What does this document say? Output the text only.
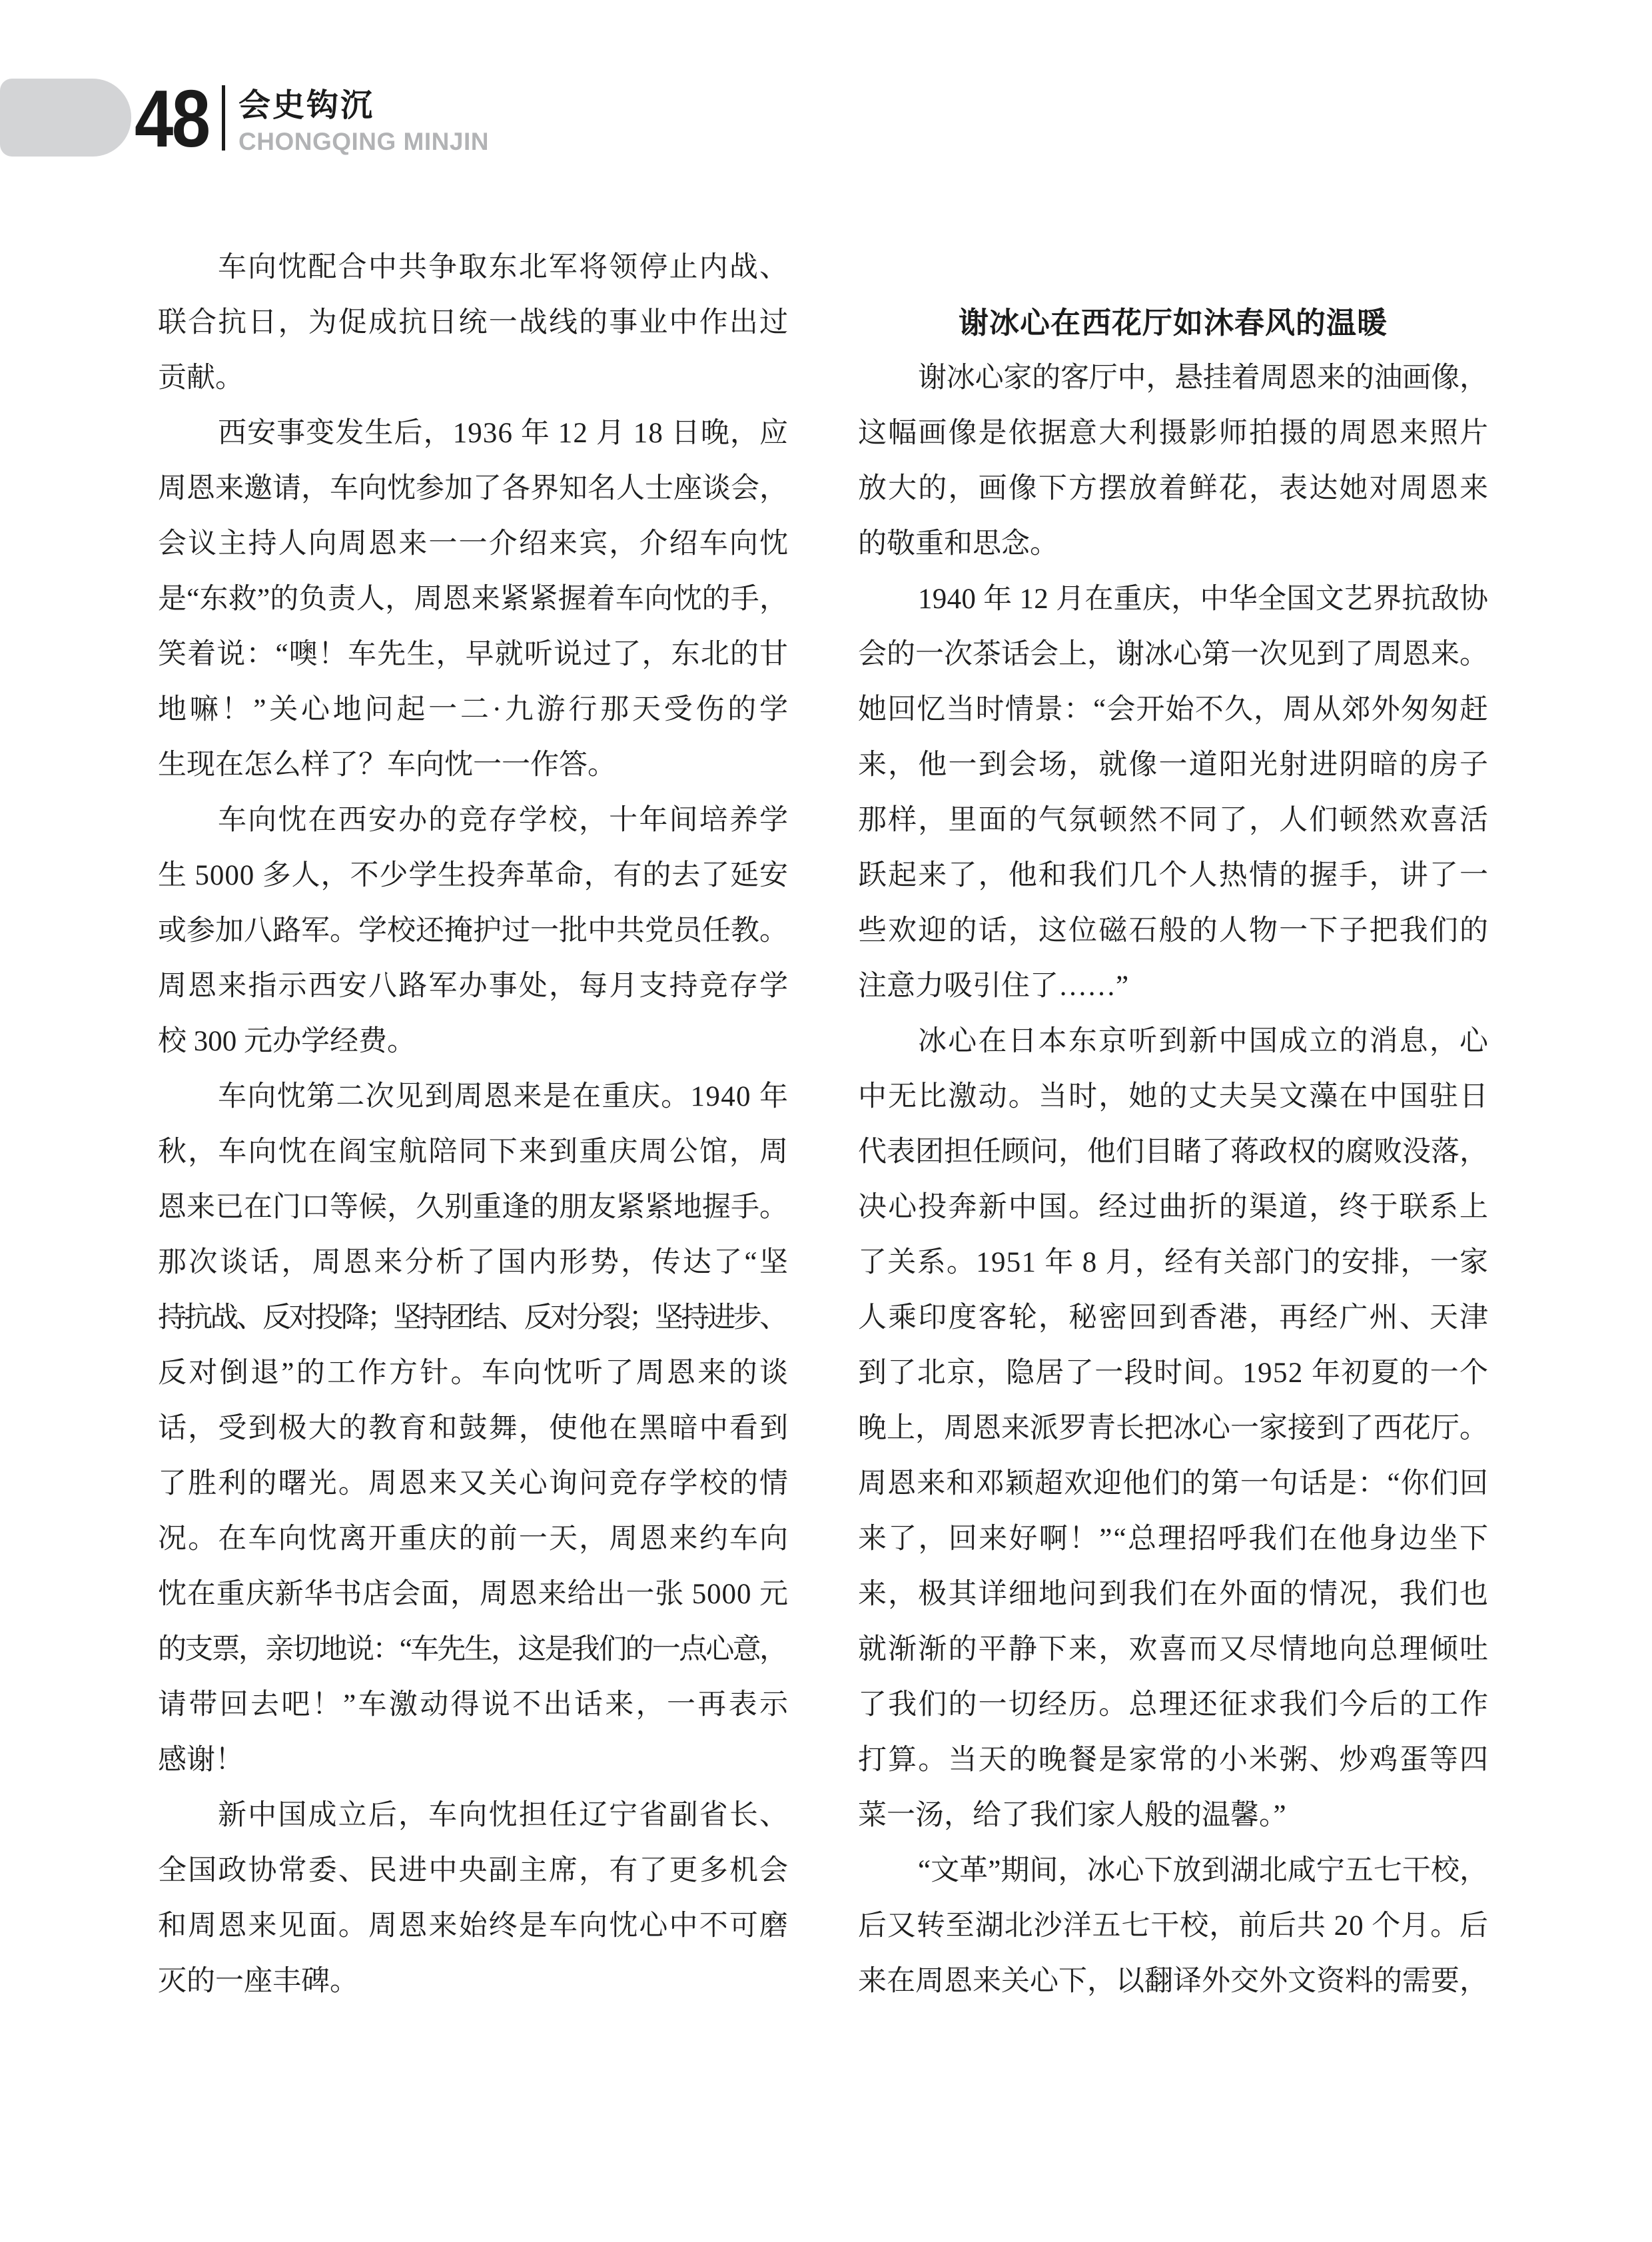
48 会史钩沉
CHONGQING MINJIN
车向忱配合中共争取东北军将领停止内战、
联合抗日，为促成抗日统一战线的事业中作出过
贡献。
西安事变发生后，1936 年 12 月 18 日晚，应
周恩来邀请，车向忱参加了各界知名人士座谈会，
会议主持人向周恩来一一介绍来宾，介绍车向忱
是“东救”的负责人，周恩来紧紧握着车向忱的手，
笑着说：“噢！车先生，早就听说过了，东北的甘
地嘛！”关心地问起一二·九游行那天受伤的学
生现在怎么样了？车向忱一一作答。
车向忱在西安办的竞存学校，十年间培养学
生 5000 多人，不少学生投奔革命，有的去了延安
或参加八路军。学校还掩护过一批中共党员任教。
周恩来指示西安八路军办事处，每月支持竞存学
校 300 元办学经费。
车向忱第二次见到周恩来是在重庆。1940 年
秋，车向忱在阎宝航陪同下来到重庆周公馆，周
恩来已在门口等候，久别重逢的朋友紧紧地握手。
那次谈话，周恩来分析了国内形势，传达了“坚
持抗战、反对投降；坚持团结、反对分裂；坚持进步、
反对倒退”的工作方针。车向忱听了周恩来的谈
话，受到极大的教育和鼓舞，使他在黑暗中看到
了胜利的曙光。周恩来又关心询问竞存学校的情
况。在车向忱离开重庆的前一天，周恩来约车向
忱在重庆新华书店会面，周恩来给出一张 5000 元
的支票，亲切地说：“车先生，这是我们的一点心意，
请带回去吧！”车激动得说不出话来，一再表示
感谢！
新中国成立后，车向忱担任辽宁省副省长、
全国政协常委、民进中央副主席，有了更多机会
和周恩来见面。周恩来始终是车向忱心中不可磨
灭的一座丰碑。
谢冰心在西花厅如沐春风的温暖
谢冰心家的客厅中，悬挂着周恩来的油画像，
这幅画像是依据意大利摄影师拍摄的周恩来照片
放大的，画像下方摆放着鲜花，表达她对周恩来
的敬重和思念。
1940 年 12 月在重庆，中华全国文艺界抗敌协
会的一次茶话会上，谢冰心第一次见到了周恩来。
她回忆当时情景：“会开始不久，周从郊外匆匆赶
来，他一到会场，就像一道阳光射进阴暗的房子
那样，里面的气氛顿然不同了，人们顿然欢喜活
跃起来了，他和我们几个人热情的握手，讲了一
些欢迎的话，这位磁石般的人物一下子把我们的
注意力吸引住了……”
冰心在日本东京听到新中国成立的消息，心
中无比激动。当时，她的丈夫吴文藻在中国驻日
代表团担任顾问，他们目睹了蒋政权的腐败没落，
决心投奔新中国。经过曲折的渠道，终于联系上
了关系。1951 年 8 月，经有关部门的安排，一家
人乘印度客轮，秘密回到香港，再经广州、天津
到了北京，隐居了一段时间。1952 年初夏的一个
晚上，周恩来派罗青长把冰心一家接到了西花厅。
周恩来和邓颖超欢迎他们的第一句话是：“你们回
来了，回来好啊！”“总理招呼我们在他身边坐下
来，极其详细地问到我们在外面的情况，我们也
就渐渐的平静下来，欢喜而又尽情地向总理倾吐
了我们的一切经历。总理还征求我们今后的工作
打算。当天的晚餐是家常的小米粥、炒鸡蛋等四
菜一汤，给了我们家人般的温馨。”
“文革”期间，冰心下放到湖北咸宁五七干校，
后又转至湖北沙洋五七干校，前后共 20 个月。后
来在周恩来关心下，以翻译外交外文资料的需要，
